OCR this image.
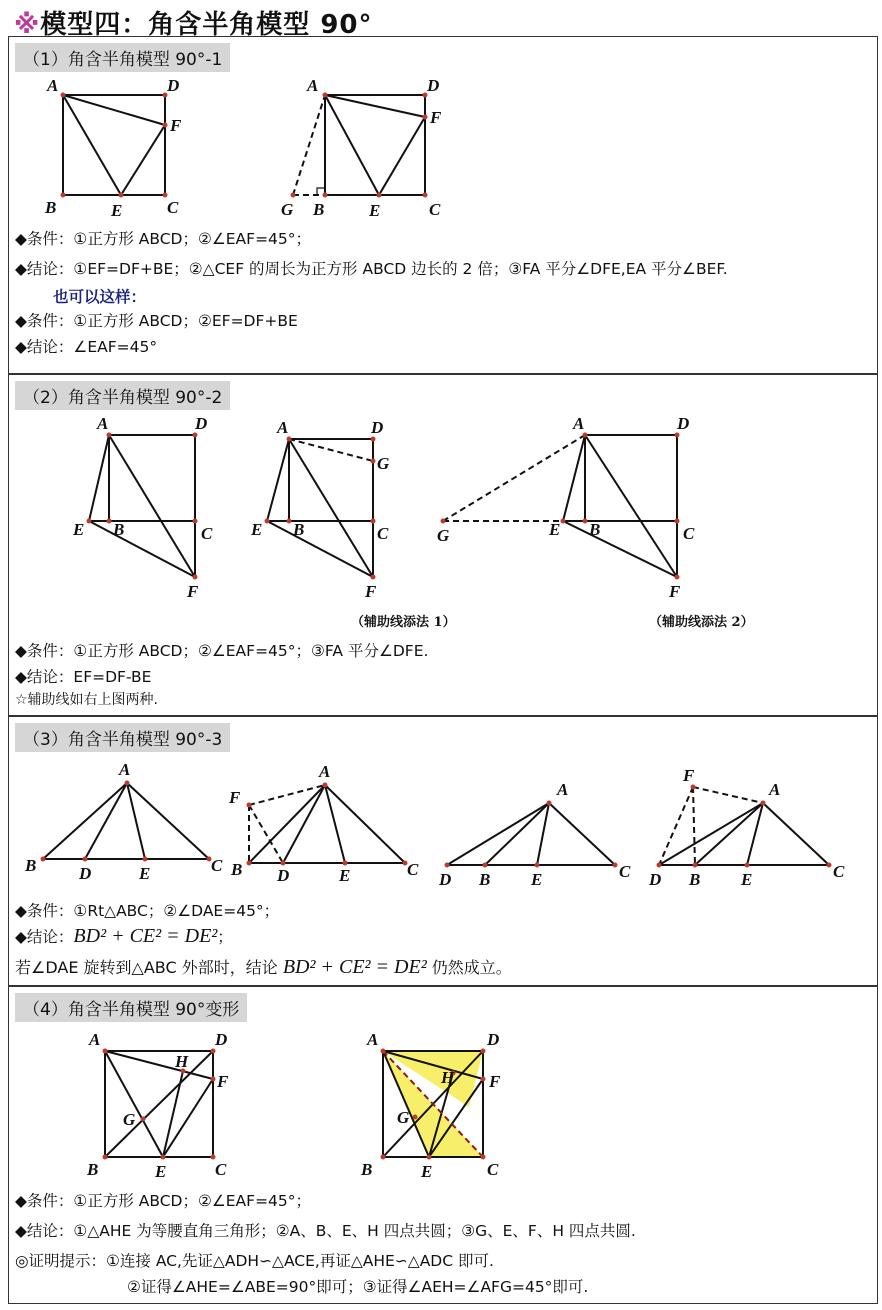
※模型四：角含半角模型 90°
（1）角含半角模型 90°-1
A	D
F
B	E	C
A	D
F
G B	E	C
◆条件：①正方形 ABCD；②∠EAF=45°；
◆结论：①EF=DF+BE；②△CEF 的周长为正方形 ABCD 边长的 2 倍；③FA 平分∠DFE,EA 平分∠BEF.
也可以这样：
◆条件：①正方形 ABCD；②EF=DF+BE
◆结论：∠EAF=45°
（2）角含半角模型 90°-2
A	D
E B	C
F
A	D
G
E B	C
F
（辅助线添法 1）
A	D
G	E B	C
F
（辅助线添法 2）
◆条件：①正方形 ABCD；②∠EAF=45°；③FA 平分∠DFE.
◆结论：EF=DF-BE
☆辅助线如右上图两种.
（3）角含半角模型 90°-3
A
B	D	E	C
A
F
B D	E	C
A
D B E	C
A
F
D B E	C
◆条件：①Rt△ABC；②∠DAE=45°；
◆结论：BD² + CE² = DE²；
若∠DAE 旋转到△ABC 外部时，结论 BD² + CE² = DE² 仍然成立。
（4）角含半角模型 90°变形
A	D
H
F
G
B	E	C
A	D
H F
G
B	E	C
◆条件：①正方形 ABCD；②∠EAF=45°；
◆结论：①△AHE 为等腰直角三角形；②A、B、E、H 四点共圆；③G、E、F、H 四点共圆.
◎证明提示：①连接 AC,先证△ADH∽△ACE,再证△AHE∽△ADC 即可.
②证得∠AHE=∠ABE=90°即可；③证得∠AEH=∠AFG=45°即可.
